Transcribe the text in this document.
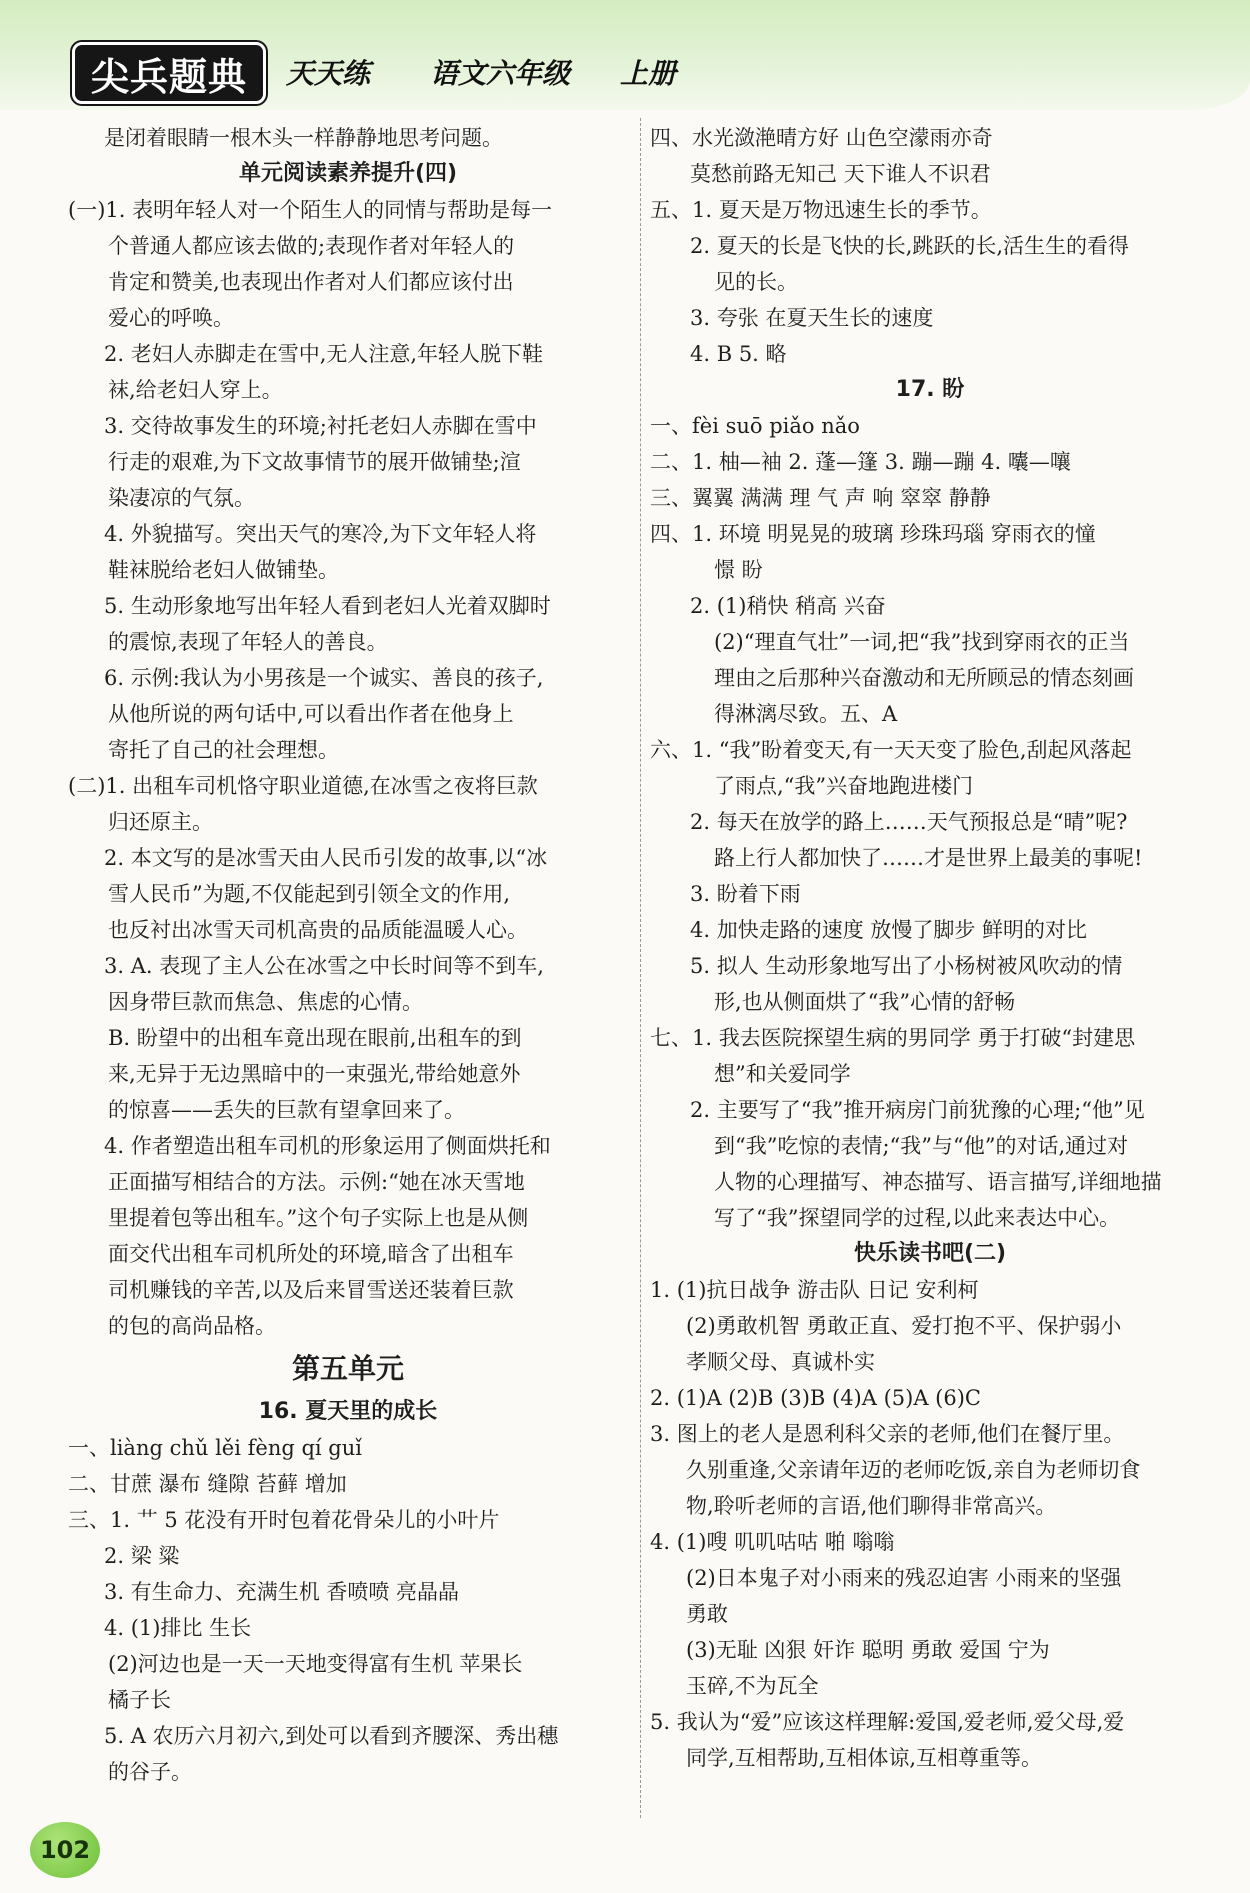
尖兵题典	天天练 语文六年级 上册
是闭着眼睛一根木头一样静静地思考问题。
单元阅读素养提升(四)
(一)1. 表明年轻人对一个陌生人的同情与帮助是每一
个普通人都应该去做的;表现作者对年轻人的
肯定和赞美,也表现出作者对人们都应该付出
爱心的呼唤。
2. 老妇人赤脚走在雪中,无人注意,年轻人脱下鞋
袜,给老妇人穿上。
3. 交待故事发生的环境;衬托老妇人赤脚在雪中
行走的艰难,为下文故事情节的展开做铺垫;渲
染凄凉的气氛。
4. 外貌描写。突出天气的寒冷,为下文年轻人将
鞋袜脱给老妇人做铺垫。
5. 生动形象地写出年轻人看到老妇人光着双脚时
的震惊,表现了年轻人的善良。
6. 示例:我认为小男孩是一个诚实、善良的孩子,
从他所说的两句话中,可以看出作者在他身上
寄托了自己的社会理想。
(二)1. 出租车司机恪守职业道德,在冰雪之夜将巨款
归还原主。
2. 本文写的是冰雪天由人民币引发的故事,以“冰
雪人民币”为题,不仅能起到引领全文的作用,
也反衬出冰雪天司机高贵的品质能温暖人心。
3. A. 表现了主人公在冰雪之中长时间等不到车,
因身带巨款而焦急、焦虑的心情。
B. 盼望中的出租车竟出现在眼前,出租车的到
来,无异于无边黑暗中的一束强光,带给她意外
的惊喜——丢失的巨款有望拿回来了。
4. 作者塑造出租车司机的形象运用了侧面烘托和
正面描写相结合的方法。示例:“她在冰天雪地
里提着包等出租车。”这个句子实际上也是从侧
面交代出租车司机所处的环境,暗含了出租车
司机赚钱的辛苦,以及后来冒雪送还装着巨款
的包的高尚品格。
第五单元
16. 夏天里的成长
一、liàng chǔ lěi fèng qí guǐ
二、甘蔗 瀑布 缝隙 苔藓 增加
三、1. 艹 5 花没有开时包着花骨朵儿的小叶片
2. 梁 粱
3. 有生命力、充满生机 香喷喷 亮晶晶
4. (1)排比 生长
(2)河边也是一天一天地变得富有生机 苹果长
橘子长
5. A 农历六月初六,到处可以看到齐腰深、秀出穗
的谷子。
四、水光潋滟晴方好 山色空濛雨亦奇
莫愁前路无知己 天下谁人不识君
五、1. 夏天是万物迅速生长的季节。
2. 夏天的长是飞快的长,跳跃的长,活生生的看得
见的长。
3. 夸张 在夏天生长的速度
4. B 5. 略
17. 盼
一、fèi suō piǎo nǎo
二、1. 柚—袖 2. 蓬—篷 3. 蹦—蹦 4. 囔—嚷
三、翼翼 满满 理 气 声 响 窣窣 静静
四、1. 环境 明晃晃的玻璃 珍珠玛瑙 穿雨衣的憧
憬 盼
2. (1)稍快 稍高 兴奋
(2)“理直气壮”一词,把“我”找到穿雨衣的正当
理由之后那种兴奋激动和无所顾忌的情态刻画
得淋漓尽致。五、A
六、1. “我”盼着变天,有一天天变了脸色,刮起风落起
了雨点,“我”兴奋地跑进楼门
2. 每天在放学的路上……天气预报总是“晴”呢?
路上行人都加快了……才是世界上最美的事呢!
3. 盼着下雨
4. 加快走路的速度 放慢了脚步 鲜明的对比
5. 拟人 生动形象地写出了小杨树被风吹动的情
形,也从侧面烘了“我”心情的舒畅
七、1. 我去医院探望生病的男同学 勇于打破“封建思
想”和关爱同学
2. 主要写了“我”推开病房门前犹豫的心理;“他”见
到“我”吃惊的表情;“我”与“他”的对话,通过对
人物的心理描写、神态描写、语言描写,详细地描
写了“我”探望同学的过程,以此来表达中心。
快乐读书吧(二)
1. (1)抗日战争 游击队 日记 安利柯
(2)勇敢机智 勇敢正直、爱打抱不平、保护弱小
孝顺父母、真诚朴实
2. (1)A (2)B (3)B (4)A (5)A (6)C
3. 图上的老人是恩利科父亲的老师,他们在餐厅里。
久别重逢,父亲请年迈的老师吃饭,亲自为老师切食
物,聆听老师的言语,他们聊得非常高兴。
4. (1)嗖 叽叽咕咕 啪 嗡嗡
(2)日本鬼子对小雨来的残忍迫害 小雨来的坚强
勇敢
(3)无耻 凶狠 奸诈 聪明 勇敢 爱国 宁为
玉碎,不为瓦全
5. 我认为“爱”应该这样理解:爱国,爱老师,爱父母,爱
同学,互相帮助,互相体谅,互相尊重等。
102
